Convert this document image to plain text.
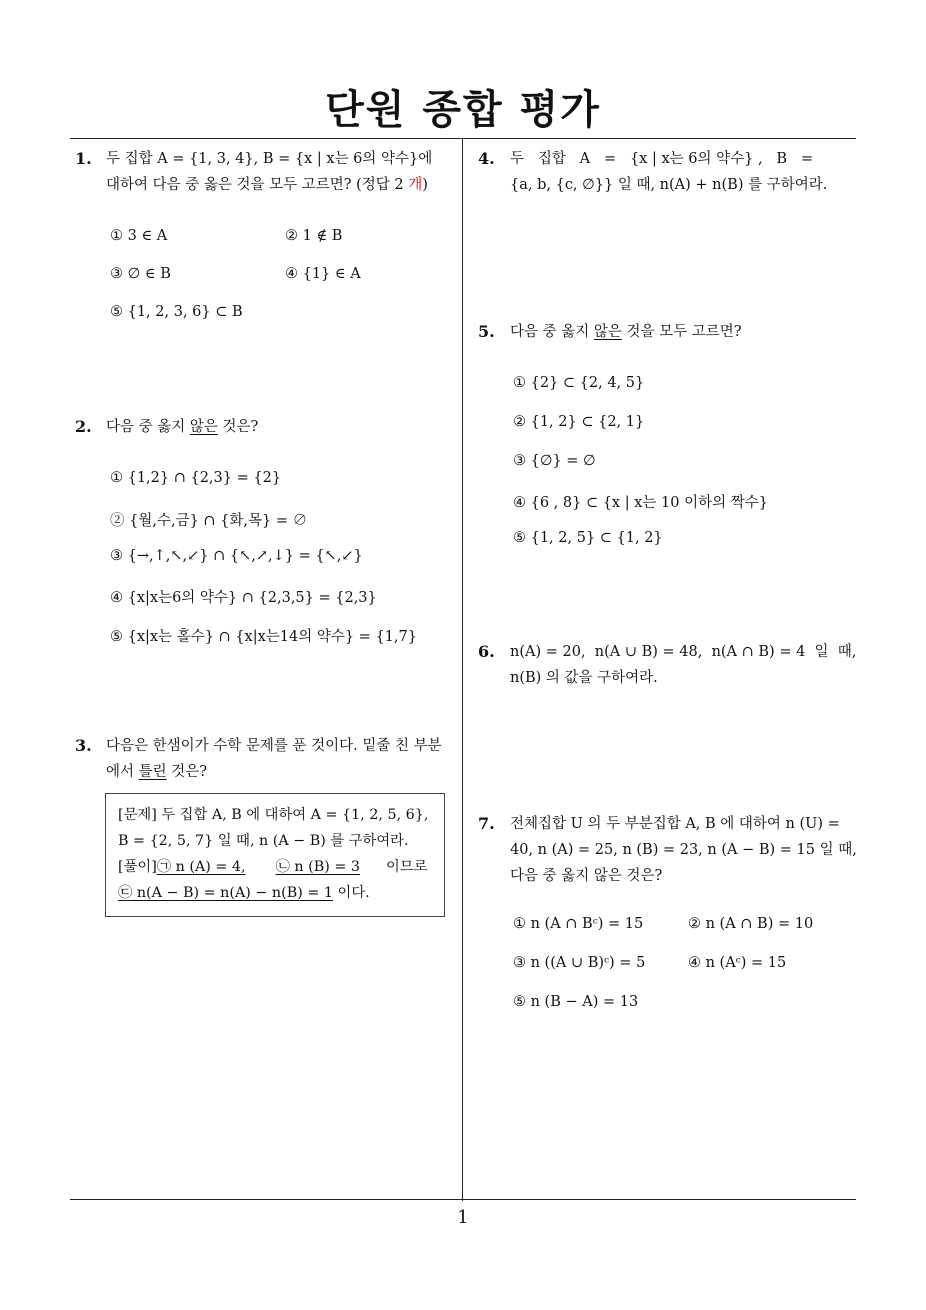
단원 종합 평가
1
1. 두 집합 A = {1, 3, 4}, B = {x | x는 6의 약수}에
대하여 다음 중 옳은 것을 모두 고르면? (정답 2 개)
① 3 ∈ A	② 1 ∉ B
③ ∅ ∈ B	④ {1} ∈ A
⑤ {1, 2, 3, 6} ⊂ B
2. 다음 중 옳지 않은 것은?
① {1,2} ∩ {2,3} = {2}
② {월,수,금} ∩ {화,목} = ∅
③ {→,↑,↖,↙} ∩ {↖,↗,↓} = {↖,↙}
④ {x|x는6의 약수} ∩ {2,3,5} = {2,3}
⑤ {x|x는 홀수} ∩ {x|x는14의 약수} = {1,7}
3. 다음은 한샘이가 수학 문제를 푼 것이다. 밑줄 친 부분
에서 틀린 것은?
[문제] 두 집합 A, B 에 대하여 A = {1, 2, 5, 6},
B = {2, 5, 7} 일 때, n (A − B) 를 구하여라.
[풀이]㉠ n (A) = 4, ㉡ n (B) = 3 이므로
㉢ n(A − B) = n(A) − n(B) = 1 이다.
4. 두   집합   A   =   {x | x는 6의 약수} ,   B   =
{a, b, {c, ∅}} 일 때, n(A) + n(B) 를 구하여라.
5. 다음 중 옳지 않은 것을 모두 고르면?
① {2} ⊂ {2, 4, 5}
② {1, 2} ⊂ {2, 1}
③ {∅} = ∅
④ {6 , 8} ⊂ {x | x는 10 이하의 짝수}
⑤ {1, 2, 5} ⊂ {1, 2}
6. n(A) = 20,  n(A ∪ B) = 48,  n(A ∩ B) = 4  일  때,
n(B) 의 값을 구하여라.
7. 전체집합 U 의 두 부분집합 A, B 에 대하여 n (U) =
40, n (A) = 25, n (B) = 23, n (A − B) = 15 일 때,
다음 중 옳지 않은 것은?
① n (A ∩ Bᶜ) = 15	② n (A ∩ B) = 10
③ n ((A ∪ B)ᶜ) = 5	④ n (Aᶜ) = 15
⑤ n (B − A) = 13
